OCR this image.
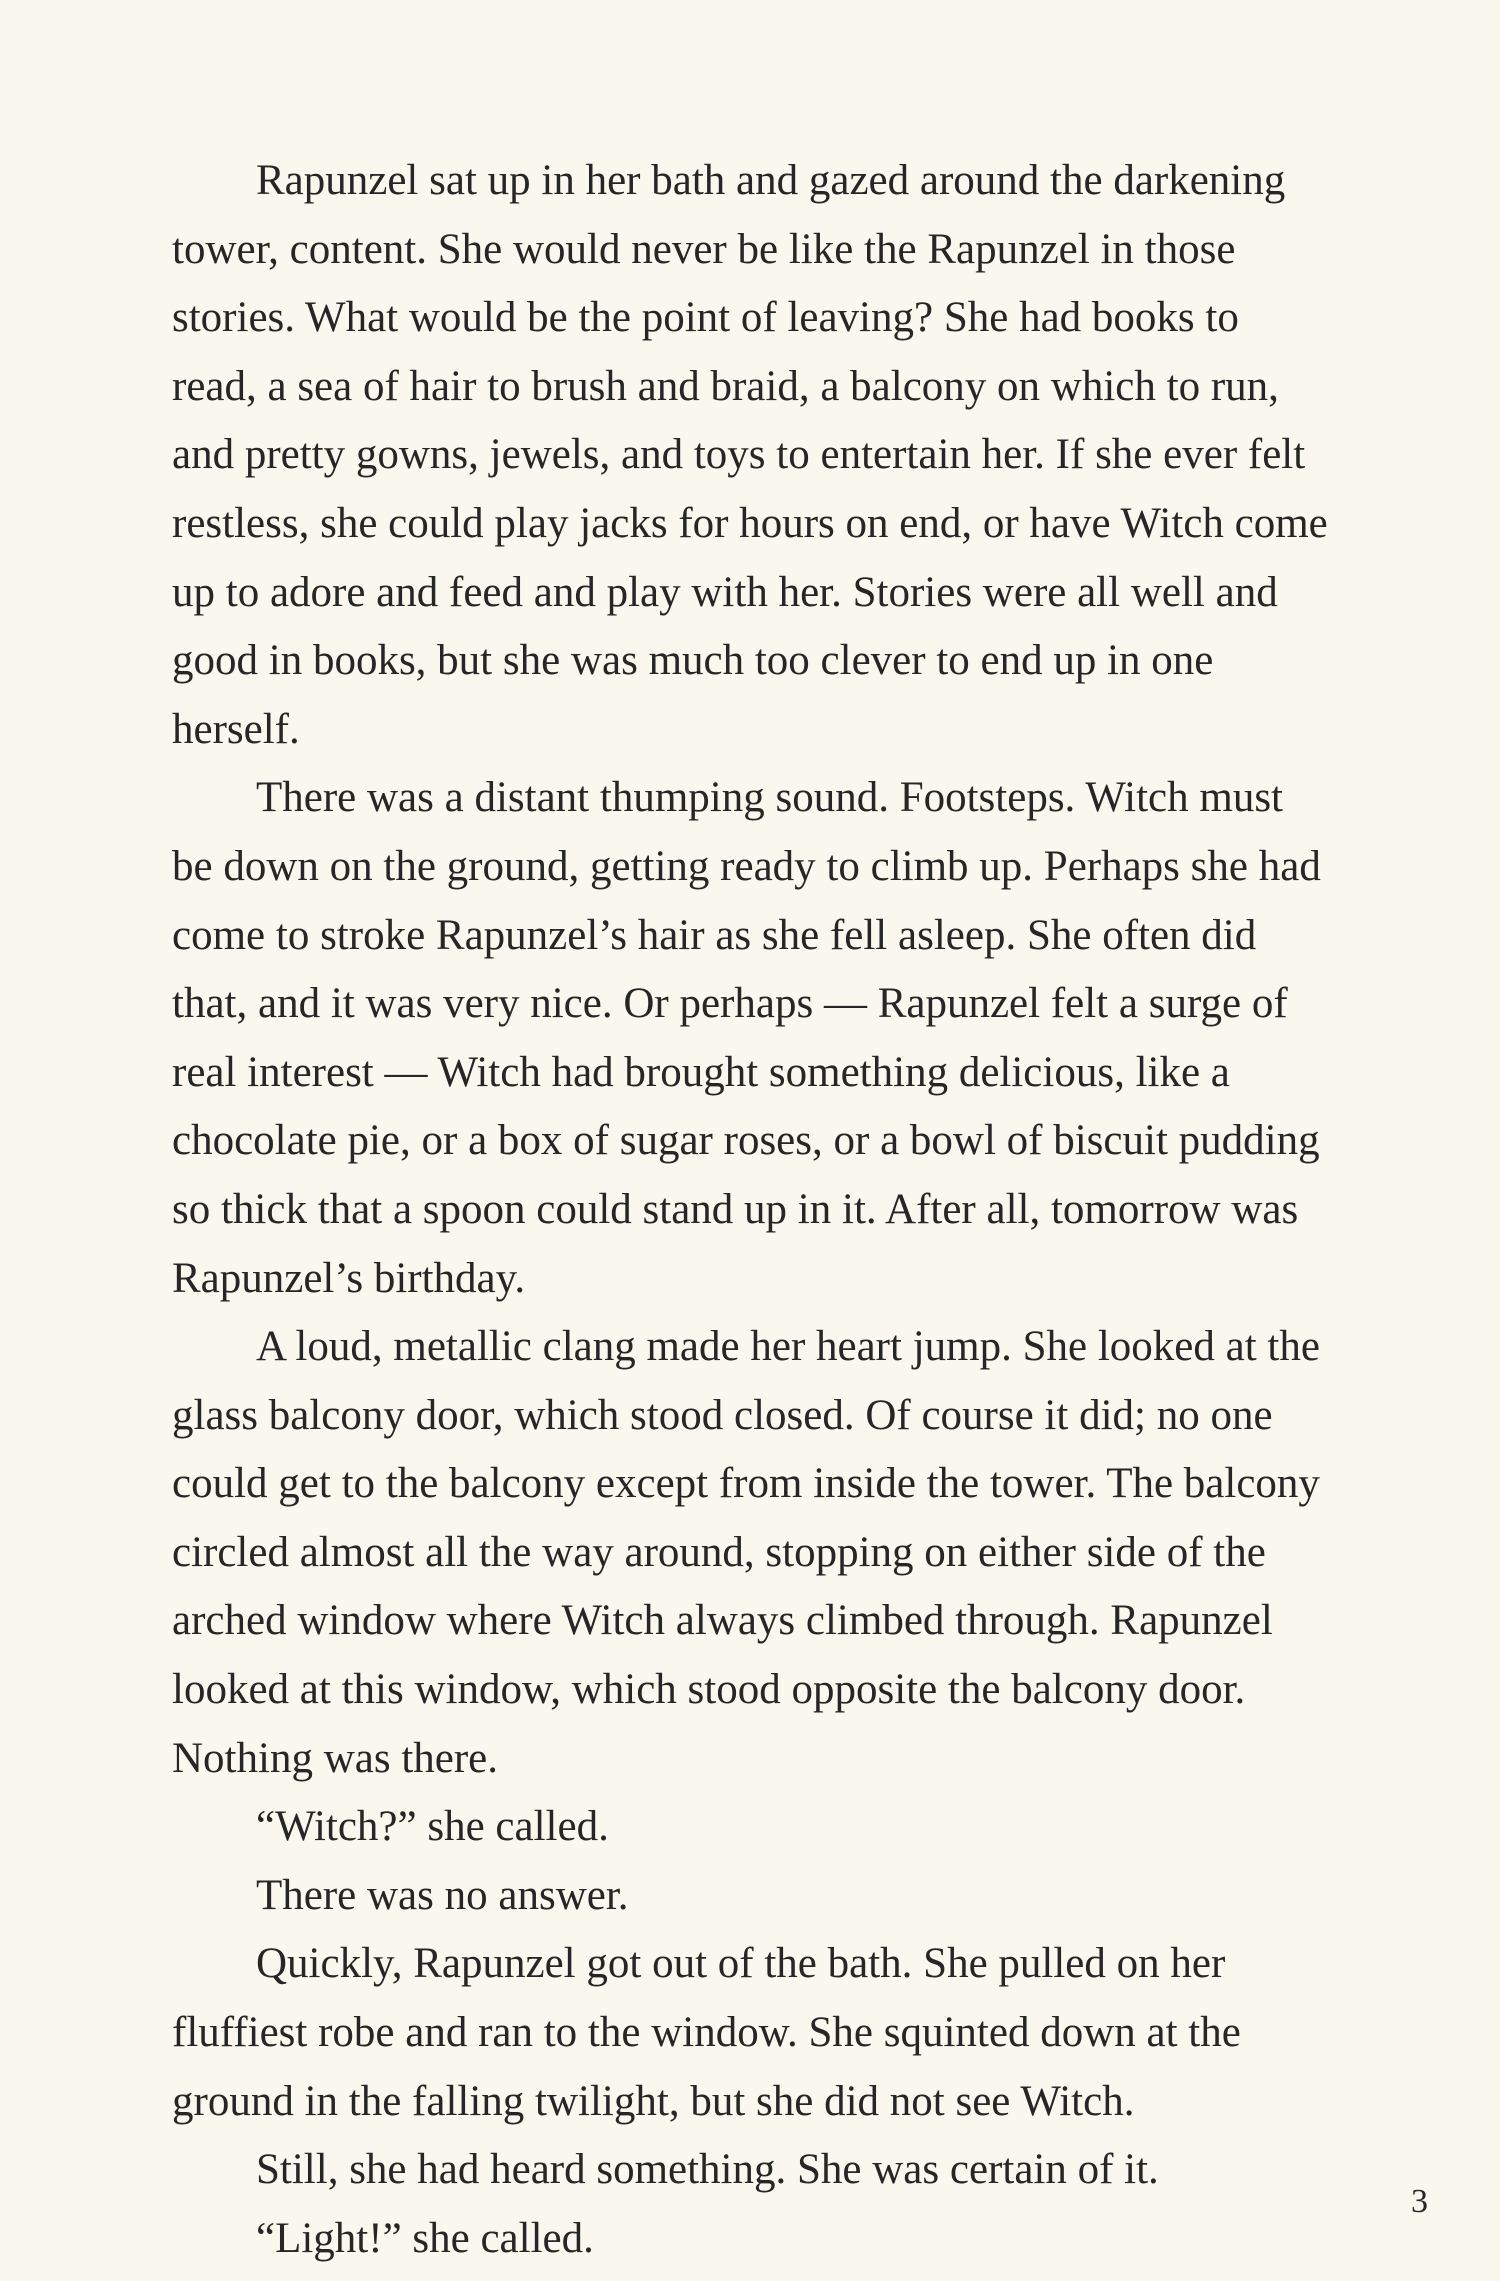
Rapunzel sat up in her bath and gazed around the darkening tower, content. She would never be like the Rapunzel in those stories. What would be the point of leaving? She had books to read, a sea of hair to brush and braid, a balcony on which to run, and pretty gowns, jewels, and toys to entertain her. If she ever felt restless, she could play jacks for hours on end, or have Witch come up to adore and feed and play with her. Stories were all well and good in books, but she was much too clever to end up in one herself.

There was a distant thumping sound. Footsteps. Witch must be down on the ground, getting ready to climb up. Perhaps she had come to stroke Rapunzel’s hair as she fell asleep. She often did that, and it was very nice. Or perhaps — Rapunzel felt a surge of real interest — Witch had brought something delicious, like a chocolate pie, or a box of sugar roses, or a bowl of biscuit pudding so thick that a spoon could stand up in it. After all, tomorrow was Rapunzel’s birthday.

A loud, metallic clang made her heart jump. She looked at the glass balcony door, which stood closed. Of course it did; no one could get to the balcony except from inside the tower. The balcony circled almost all the way around, stopping on either side of the arched window where Witch always climbed through. Rapunzel looked at this window, which stood opposite the balcony door. Nothing was there.

“Witch?” she called.

There was no answer.

Quickly, Rapunzel got out of the bath. She pulled on her fluffiest robe and ran to the window. She squinted down at the ground in the falling twilight, but she did not see Witch.

Still, she had heard something. She was certain of it.

“Light!” she called.

3
